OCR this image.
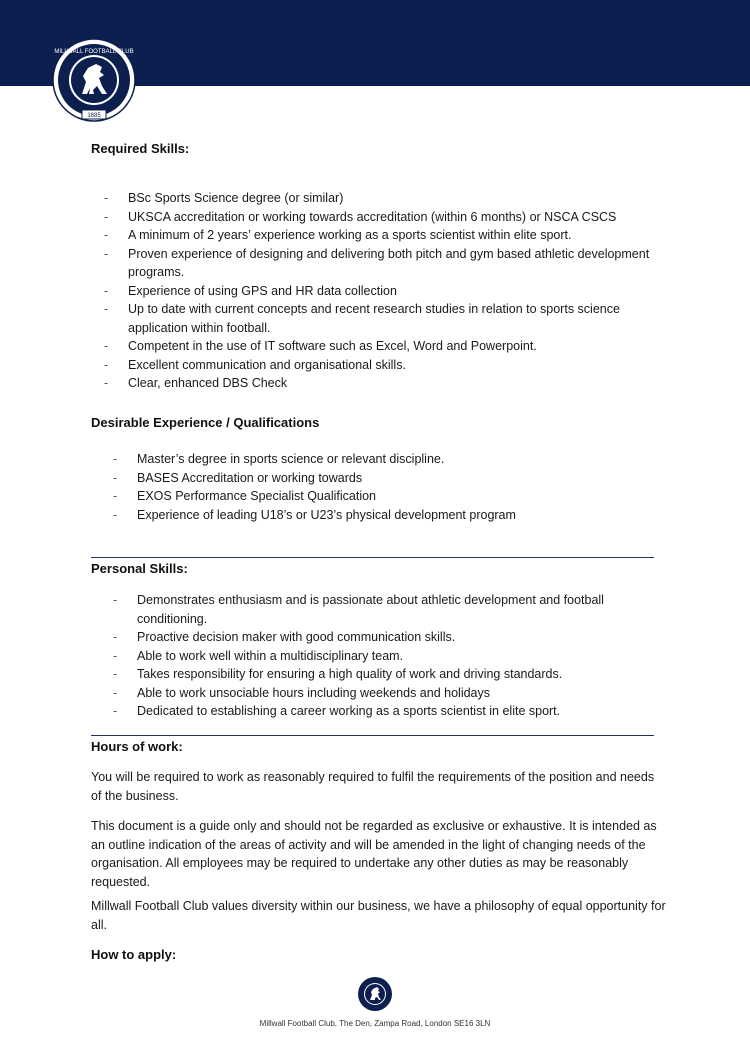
MILLWALL FOOTBALL CLUB
1885
Required Skills:
- BSc Sports Science degree (or similar)
- UKSCA accreditation or working towards accreditation (within 6 months) or NSCA CSCS
- A minimum of 2 years’ experience working as a sports scientist within elite sport.
- Proven experience of designing and delivering both pitch and gym based athletic development programs.
- Experience of using GPS and HR data collection
- Up to date with current concepts and recent research studies in relation to sports science application within football.
- Competent in the use of IT software such as Excel, Word and Powerpoint.
- Excellent communication and organisational skills.
- Clear, enhanced DBS Check
Desirable Experience / Qualifications
- Master’s degree in sports science or relevant discipline.
- BASES Accreditation or working towards
- EXOS Performance Specialist Qualification
- Experience of leading U18’s or U23’s physical development program
Personal Skills:
- Demonstrates enthusiasm and is passionate about athletic development and football conditioning.
- Proactive decision maker with good communication skills.
- Able to work well within a multidisciplinary team.
- Takes responsibility for ensuring a high quality of work and driving standards.
- Able to work unsociable hours including weekends and holidays
- Dedicated to establishing a career working as a sports scientist in elite sport.
Hours of work:

You will be required to work as reasonably required to fulfil the requirements of the position and needs of the business.

This document is a guide only and should not be regarded as exclusive or exhaustive. It is intended as an outline indication of the areas of activity and will be amended in the light of changing needs of the organisation. All employees may be required to undertake any other duties as may be reasonably requested.

Millwall Football Club values diversity within our business, we have a philosophy of equal opportunity for all.

How to apply:
Millwall Football Club, The Den, Zampa Road, London SE16 3LN
